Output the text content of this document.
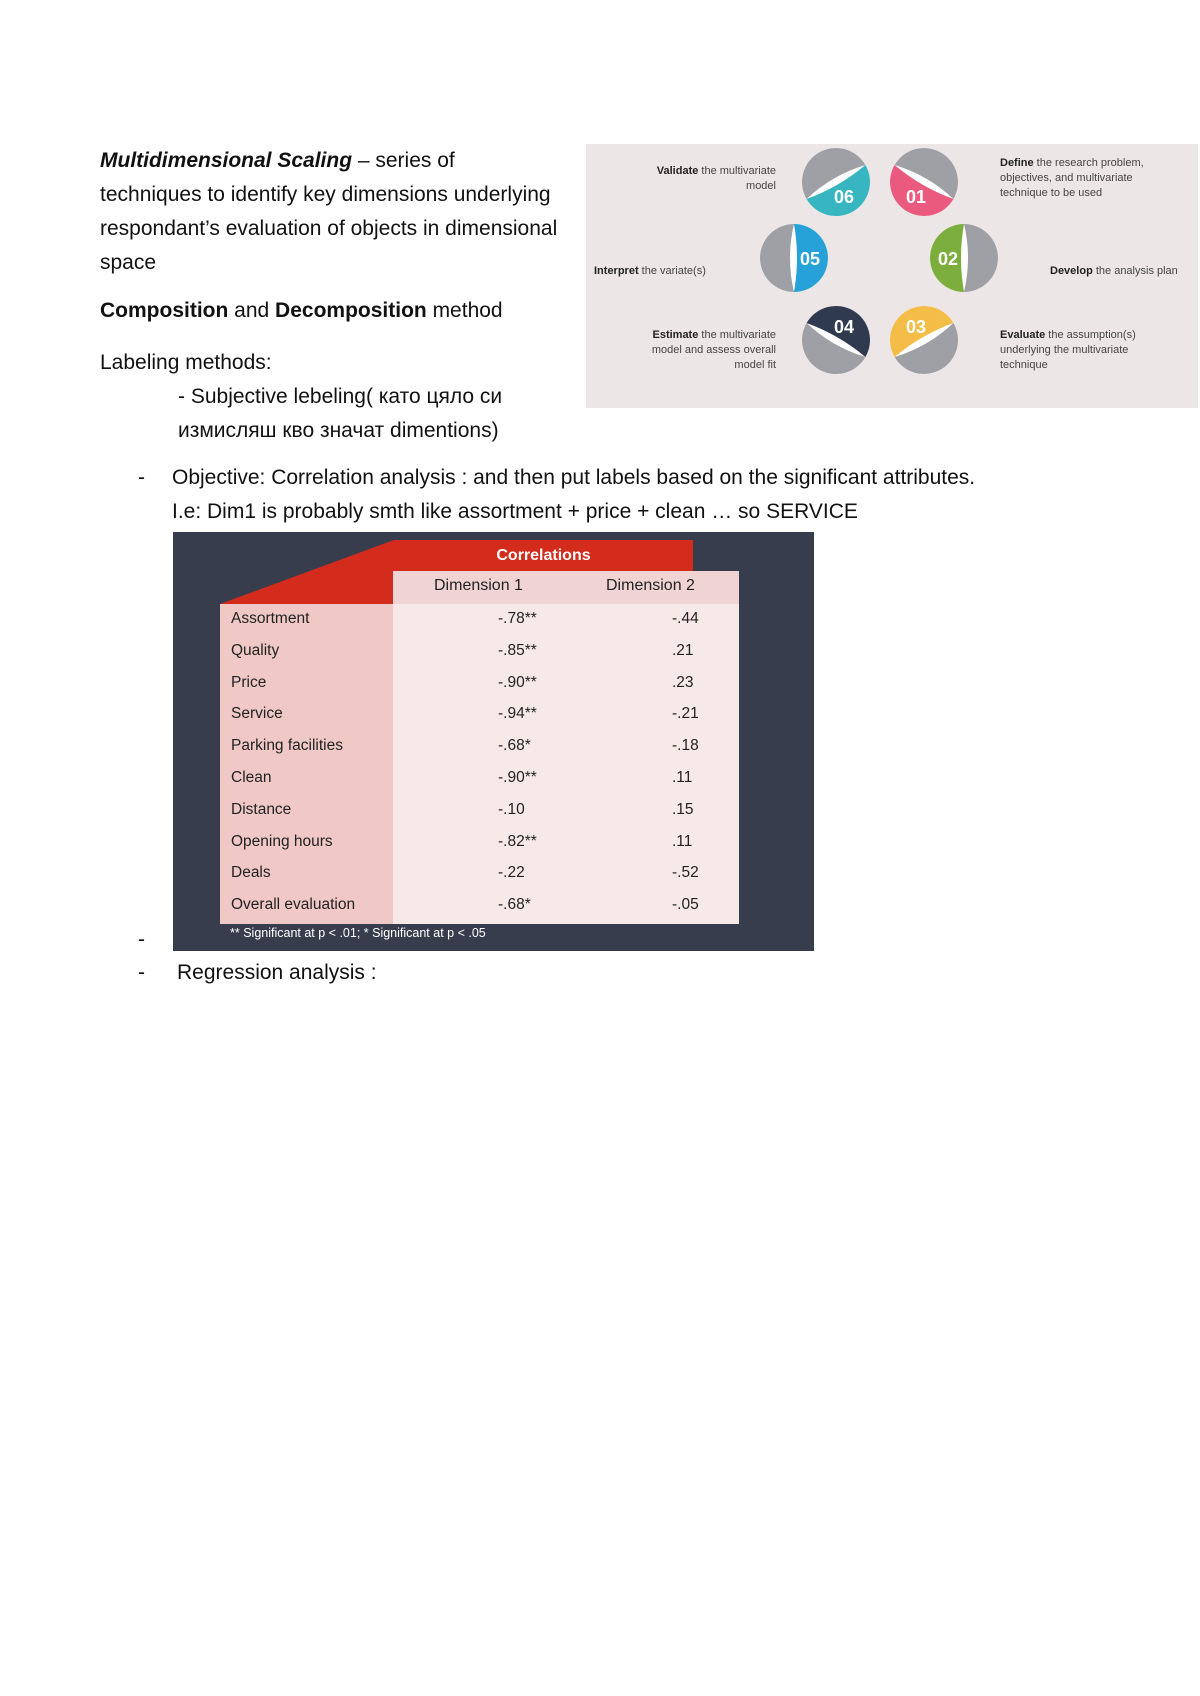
Multidimensional Scaling – series of techniques to identify key dimensions underlying respondant’s evaluation of objects in dimensional space

Composition and Decomposition method

Labeling methods:

- Subjective lebeling( като цяло си измисляш кво значат dimentions)

01
02
03
04
05
06
Validate the multivariate model
Define the research problem, objectives, and multivariate technique to be used
Interpret the variate(s)	Develop the analysis plan
Estimate the multivariate model and assess overall model fit
Evaluate the assumption(s) underlying the multivariate technique
-	Objective: Correlation analysis : and then put labels based on the significant attributes.
I.e: Dim1 is probably smth like assortment + price + clean … so SERVICE
Correlations
Dimension 1	Dimension 2
Assortment	-.78**	-.44
Quality	-.85**	.21
Price	-.90**	.23
Service	-.94**	-.21
Parking facilities	-.68*	-.18
Clean	-.90**	.11
Distance	-.10	.15
Opening hours	-.82**	.11
Deals	-.22	-.52
Overall evaluation	-.68*	-.05
** Significant at p < .01; * Significant at p < .05
-
-	Regression analysis :
